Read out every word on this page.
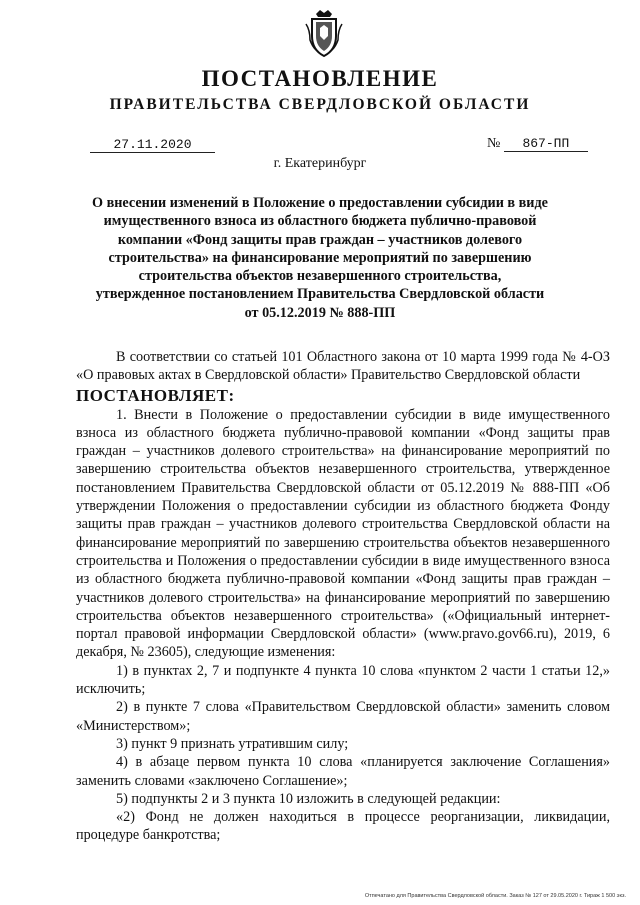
ПОСТАНОВЛЕНИЕ
ПРАВИТЕЛЬСТВА СВЕРДЛОВСКОЙ ОБЛАСТИ
27.11.2020	№ 867-ПП
г. Екатеринбург
О внесении изменений в Положение о предоставлении субсидии в виде
имущественного взноса из областного бюджета публично-правовой
компании «Фонд защиты прав граждан – участников долевого
строительства» на финансирование мероприятий по завершению
строительства объектов незавершенного строительства,
утвержденное постановлением Правительства Свердловской области
от 05.12.2019 № 888-ПП

В соответствии со статьей 101 Областного закона от 10 марта 1999 года № 4-ОЗ «О правовых актах в Свердловской области» Правительство Свердловской области

ПОСТАНОВЛЯЕТ:

1. Внести в Положение о предоставлении субсидии в виде имущественного взноса из областного бюджета публично-правовой компании «Фонд защиты прав граждан – участников долевого строительства» на финансирование мероприятий по завершению строительства объектов незавершенного строительства, утвержденное постановлением Правительства Свердловской области от 05.12.2019 № 888-ПП «Об утверждении Положения о предоставлении субсидии из областного бюджета Фонду защиты прав граждан – участников долевого строительства Свердловской области на финансирование мероприятий по завершению строительства объектов незавершенного строительства и Положения о предоставлении субсидии в виде имущественного взноса из областного бюджета публично-правовой компании «Фонд защиты прав граждан – участников долевого строительства» на финансирование мероприятий по завершению строительства объектов незавершенного строительства» («Официальный интернет-портал правовой информации Свердловской области» (www.pravo.gov66.ru), 2019, 6 декабря, № 23605), следующие изменения:

1) в пунктах 2, 7 и подпункте 4 пункта 10 слова «пунктом 2 части 1 статьи 12,» исключить;

2) в пункте 7 слова «Правительством Свердловской области» заменить словом «Министерством»;

3) пункт 9 признать утратившим силу;

4) в абзаце первом пункта 10 слова «планируется заключение Соглашения» заменить словами «заключено Соглашение»;

5) подпункты 2 и 3 пункта 10 изложить в следующей редакции:

«2) Фонд не должен находиться в процессе реорганизации, ликвидации, процедуре банкротства;

Отпечатано для Правительства Свердловской области. Заказ № 127 от 29.05.2020 г. Тираж 1 500 экз.
